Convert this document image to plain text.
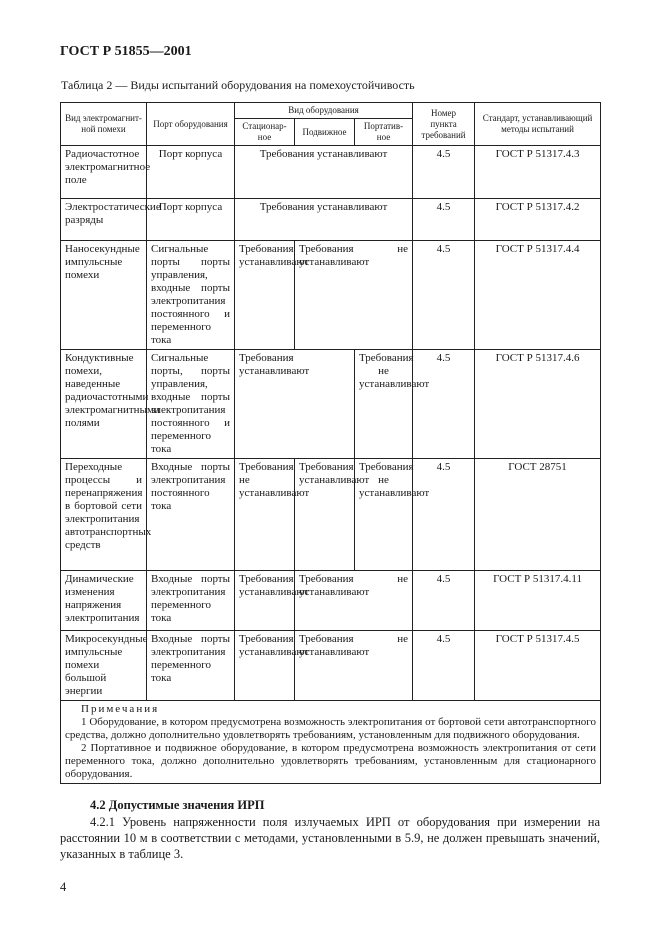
ГОСТ Р 51855—2001
Таблица 2 — Виды испытаний оборудования на помехоустойчивость
Вид электромагнит-ной помехи	Порт оборудования	Вид оборудования			Номер пункта требований	Стандарт, устанавливающий методы испытаний
		Стационар-ное	Подвижное	Портатив-ное		
Радиочастотное электромагнитное поле	Порт корпуса	Требования устанавливают			4.5	ГОСТ Р 51317.4.3
Электростатические разряды	Порт корпуса	Требования устанавливают			4.5	ГОСТ Р 51317.4.2
Наносекундные импульсные помехи	Сигнальные порты порты управления, входные порты электропитания постоянного и переменного тока	Требования устанавливают	Требования не устанавливают		4.5	ГОСТ Р 51317.4.4
Кондуктивные помехи, наведенные радиочастотными электромагнитными полями	Сигнальные порты, порты управления, входные порты электропитания постоянного и переменного тока	Требования устанавливают		Требования не устанавливают	4.5	ГОСТ Р 51317.4.6
Переходные процессы и перенапряжения в бортовой сети электропитания автотранспортных средств	Входные порты электропитания постоянного тока	Требования не устанавливают	Требования устанавливают	Требования не устанавливают	4.5	ГОСТ 28751
Динамические изменения напряжения электропитания	Входные порты электропитания переменного тока	Требования устанавливают	Требования не устанавливают		4.5	ГОСТ Р 51317.4.11
Микросекундные импульсные помехи большой энергии	Входные порты электропитания переменного тока	Требования устанавливают	Требования не устанавливают		4.5	ГОСТ Р 51317.4.5

Примечания

1 Оборудование, в котором предусмотрена возможность электропитания от бортовой сети автотранспортного средства, должно дополнительно удовлетворять требованиям, установленным для подвижного оборудования.

2 Портативное и подвижное оборудование, в котором предусмотрена возможность электропитания от сети переменного тока, должно дополнительно удовлетворять требованиям, установленным для стационарного оборудования.						

4.2 Допустимые значения ИРП

4.2.1 Уровень напряженности поля излучаемых ИРП от оборудования при измерении на расстоянии 10 м в соответствии с методами, установленными в 5.9, не должен превышать значений, указанных в таблице 3.

4
